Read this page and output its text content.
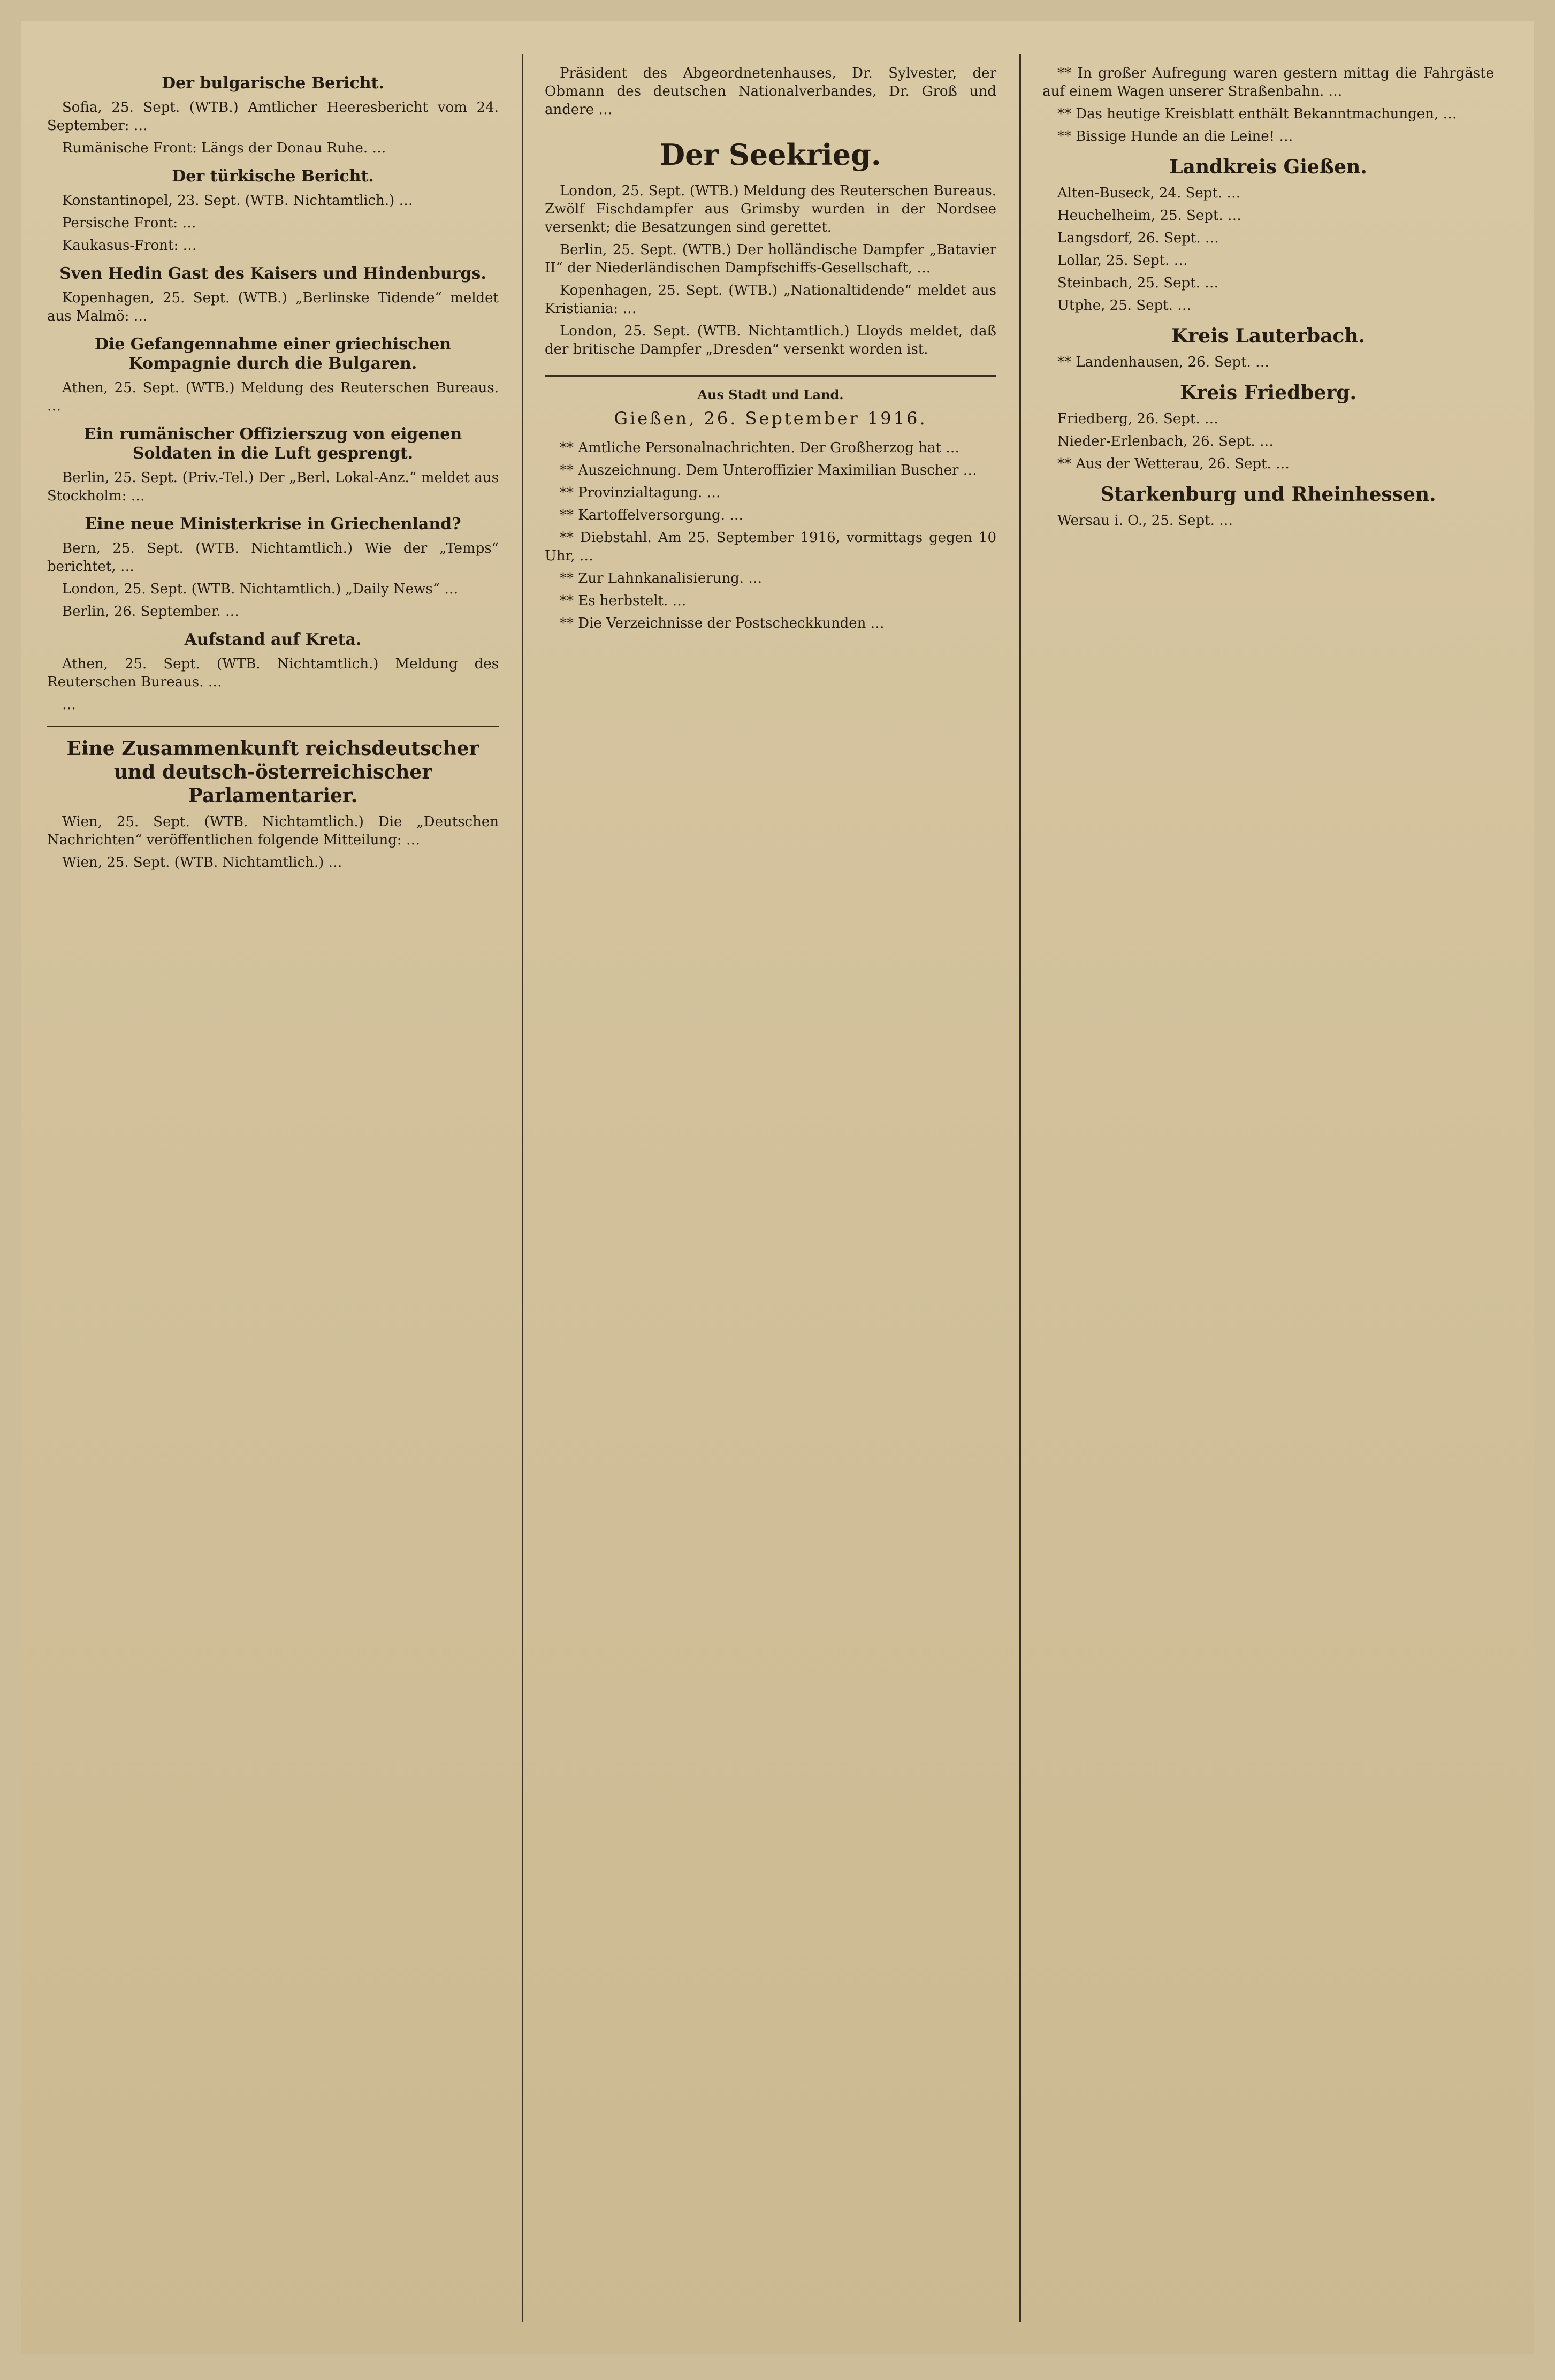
Der bulgarische Bericht.

Sofia, 25. Sept. (WTB.) Amtlicher Heeresbericht vom 24. September: …

Rumänische Front: Längs der Donau Ruhe. …

Der türkische Bericht.

Konstantinopel, 23. Sept. (WTB. Nichtamtlich.) …

Persische Front: …

Kaukasus-Front: …

Sven Hedin Gast des Kaisers und Hindenburgs.

Kopenhagen, 25. Sept. (WTB.) „Berlinske Tidende“ meldet aus Malmö: …

Die Gefangennahme einer griechischen Kompagnie durch die Bulgaren.

Athen, 25. Sept. (WTB.) Meldung des Reuterschen Bureaus. …

Ein rumänischer Offizierszug von eigenen Soldaten in die Luft gesprengt.

Berlin, 25. Sept. (Priv.-Tel.) Der „Berl. Lokal-Anz.“ meldet aus Stockholm: …

Eine neue Ministerkrise in Griechenland?

Bern, 25. Sept. (WTB. Nichtamtlich.) Wie der „Temps“ berichtet, …

London, 25. Sept. (WTB. Nichtamtlich.) „Daily News“ …

Berlin, 26. September. …

Aufstand auf Kreta.

Athen, 25. Sept. (WTB. Nichtamtlich.) Meldung des Reuterschen Bureaus. …

…

Eine Zusammenkunft reichsdeutscher und deutsch-österreichischer Parlamentarier.

Wien, 25. Sept. (WTB. Nichtamtlich.) Die „Deutschen Nachrichten“ veröffentlichen folgende Mitteilung: …

Wien, 25. Sept. (WTB. Nichtamtlich.) …

Präsident des Abgeordnetenhauses, Dr. Sylvester, der Obmann des deutschen Nationalverbandes, Dr. Groß und andere …

Der Seekrieg.

London, 25. Sept. (WTB.) Meldung des Reuterschen Bureaus. Zwölf Fischdampfer aus Grimsby wurden in der Nordsee versenkt; die Besatzungen sind gerettet.

Berlin, 25. Sept. (WTB.) Der holländische Dampfer „Batavier II“ der Niederländischen Dampfschiffs-Gesellschaft, …

Kopenhagen, 25. Sept. (WTB.) „Nationaltidende“ meldet aus Kristiania: …

London, 25. Sept. (WTB. Nichtamtlich.) Lloyds meldet, daß der britische Dampfer „Dresden“ versenkt worden ist.

Aus Stadt und Land.
Gießen, 26. September 1916.

** Amtliche Personalnachrichten. Der Großherzog hat …

** Auszeichnung. Dem Unteroffizier Maximilian Buscher …

** Provinzialtagung. …

** Kartoffelversorgung. …

** Diebstahl. Am 25. September 1916, vormittags gegen 10 Uhr, …

** Zur Lahnkanalisierung. …

** Es herbstelt. …

** Die Verzeichnisse der Postscheckkunden …

** In großer Aufregung waren gestern mittag die Fahrgäste auf einem Wagen unserer Straßenbahn. …

** Das heutige Kreisblatt enthält Bekanntmachungen, …

** Bissige Hunde an die Leine! …

Landkreis Gießen.

Alten-Buseck, 24. Sept. …

Heuchelheim, 25. Sept. …

Langsdorf, 26. Sept. …

Lollar, 25. Sept. …

Steinbach, 25. Sept. …

Utphe, 25. Sept. …

Kreis Lauterbach.

** Landenhausen, 26. Sept. …

Kreis Friedberg.

Friedberg, 26. Sept. …

Nieder-Erlenbach, 26. Sept. …

** Aus der Wetterau, 26. Sept. …

Starkenburg und Rheinhessen.

Wersau i. O., 25. Sept. …
